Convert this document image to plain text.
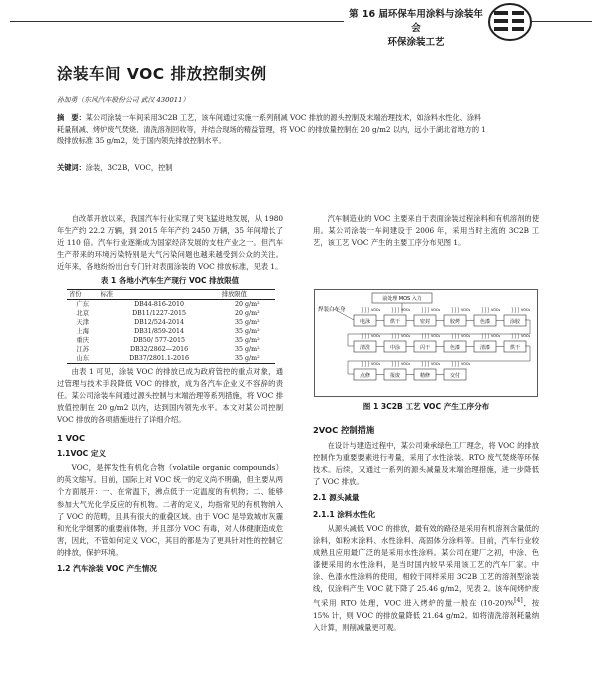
第 16 届环保车用涂料与涂装年会
环保涂装工艺
涂装车间 VOC 排放控制实例
孙加勇（东风汽车股份公司 武汉 430011）
摘　要：某公司涂装一车间采用3C2B 工艺，该车间通过实施一系列削减 VOC 排放的源头控制及末端治理技术，如涂料水性化、涂料耗量削减、烤炉废气焚烧、清洗溶剂回收等，并结合现场的精益管理，将 VOC 的排放量控制在 20 g/m2 以内，远小于湖北省地方的 1 级排放标准 35 g/m2，处于国内领先排放控制水平。
关键词：涂装，3C2B，VOC，控制

自改革开放以来，我国汽车行业实现了突飞猛进地发展，从 1980 年生产约 22.2 万辆，到 2015 年年产约 2450 万辆，35 年间增长了近 110 倍。汽车行业逐渐成为国家经济发展的支柱产业之一。但汽车生产带来的环境污染特别是大气污染问题也越来越受到公众的关注。近年来，各地纷纷出台专门针对表面涂装的 VOC 排放标准，见表 1。

表 1 各地小汽车生产现行 VOC 排放限值
省份	标准	排放限值
广东	DB44-816-2010	20 g/m²
北京	DB11/1227-2015	20 g/m²
天津	DB12/524-2014	35 g/m²
上海	DB31/859-2014	35 g/m²
重庆	DB50/ 577-2015	35 g/m²
江苏	DB32/2862—2016	35 g/m²
山东	DB37/2801.1-2016	35 g/m²

由表 1 可见，涂装 VOC 的排放已成为政府管控的重点对象，通过管理与技术手段降低 VOC 的排放，成为各汽车企业义不容辞的责任。某公司涂装车间通过源头控制与末端治理等系列措施，将 VOC 排放值控制在 20 g/m2 以内，达到国内领先水平。本文对某公司控制 VOC 排放的各项措施进行了详细介绍。

1 VOC
1.1VOC 定义

VOC，是挥发性有机化合物（volatile organic compounds）的英文缩写。目前，国际上对 VOC 统一的定义尚不明确，但主要从两个方面展开：一、在常温下，沸点低于一定温度的有机物；二、能够参加大气光化学反应的有机物。二者的定义，均指常见的有机物纳入了 VOC 的范畴，且具有很大的重叠区域。由于 VOC 是导致城市灰霾和光化学烟雾的重要前体物，并且部分 VOC 有毒，对人体健康造成危害，因此，不管如何定义 VOC，其目的都是为了更具针对性的控制它的排放，保护环境。

1.2 汽车涂装 VOC 产生情况

汽车制造业的 VOC 主要来自于表面涂装过程涂料和有机溶剂的使用。某公司涂装一车间建设于 2006 年，采用当时主流的 3C2B 工艺，该工艺 VOC 产生的主要工序分布见图 1。

焊装白车身
前处理 MOS 入力
电泳
VOCs
烘干
VOCs
密封
VOCs
胶烤
VOCs
色漆
VOCs
涂胶
VOCs
清洗
VOCs
中涂
VOCs
闪干
VOCs
色漆
VOCs
清漆
VOCs
烘干
VOCs
点修
VOCs
报废
VOCs
精修
VOCs
交付
VOCs
图 1 3C2B 工艺 VOC 产生工序分布
2VOC 控制措施

在设计与建造过程中，某公司秉承绿色工厂理念，将 VOC 的排放控制作为重要要素进行考量，采用了水性涂装、RTO 废气焚烧等环保技术。后续，又通过一系列的源头减量及末端治理措施，进一步降低了 VOC 排放。

2.1 源头减量
2.1.1 涂料水性化

从源头减低 VOC 的排放，最有效的路径是采用有机溶剂含量低的涂料，如粉末涂料、水性涂料、高固体分涂料等。目前，汽车行业较成熟且应用最广泛的是采用水性涂料。某公司在建厂之初，中涂、色漆便采用的水性涂料，是当时国内较早采用该工艺的汽车厂家。中涂、色漆水性涂料的使用，相较于同样采用 3C2B 工艺的溶剂型涂装线，仅涂料产生 VOC 就下降了 25.46 g/m2，见表 2。该车间烤炉废气采用 RTO 处理，VOC 进入烤炉的量一般在 (10-20)%[4]，按 15% 计，则 VOC 的排放量降低 21.64 g/m2。如将清洗溶剂耗量纳入计算，则削减量更可观。
